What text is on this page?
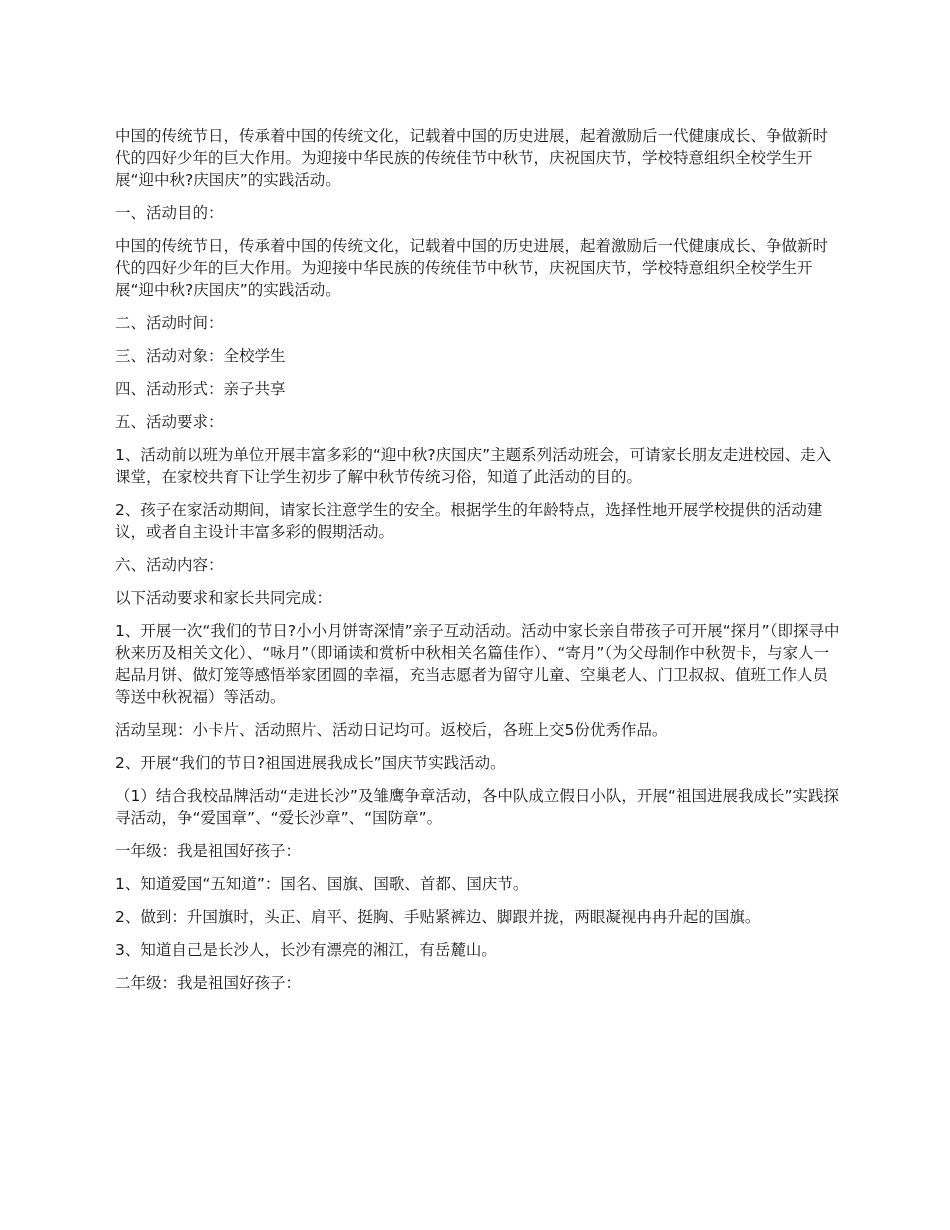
中国的传统节日，传承着中国的传统文化，记载着中国的历史进展，起着激励后一代健康成长、争做新时代的四好少年的巨大作用。为迎接中华民族的传统佳节中秋节，庆祝国庆节，学校特意组织全校学生开展“迎中秋?庆国庆”的实践活动。

一、活动目的：

中国的传统节日，传承着中国的传统文化，记载着中国的历史进展，起着激励后一代健康成长、争做新时代的四好少年的巨大作用。为迎接中华民族的传统佳节中秋节，庆祝国庆节，学校特意组织全校学生开展“迎中秋?庆国庆”的实践活动。

二、活动时间：

三、活动对象：全校学生

四、活动形式：亲子共享

五、活动要求：

1、活动前以班为单位开展丰富多彩的“迎中秋?庆国庆”主题系列活动班会，可请家长朋友走进校园、走入课堂，在家校共育下让学生初步了解中秋节传统习俗，知道了此活动的目的。

2、孩子在家活动期间，请家长注意学生的安全。根据学生的年龄特点，选择性地开展学校提供的活动建议，或者自主设计丰富多彩的假期活动。

六、活动内容：

以下活动要求和家长共同完成：

1、开展一次“我们的节日?小小月饼寄深情”亲子互动活动。活动中家长亲自带孩子可开展“探月”（即探寻中秋来历及相关文化）、“咏月”（即诵读和赏析中秋相关名篇佳作）、“寄月”（为父母制作中秋贺卡，与家人一起品月饼、做灯笼等感悟举家团圆的幸福，充当志愿者为留守儿童、空巢老人、门卫叔叔、值班工作人员等送中秋祝福）等活动。

活动呈现：小卡片、活动照片、活动日记均可。返校后，各班上交5份优秀作品。

2、开展“我们的节日?祖国进展我成长”国庆节实践活动。

（1）结合我校品牌活动“走进长沙”及雏鹰争章活动，各中队成立假日小队，开展“祖国进展我成长”实践探寻活动，争“爱国章”、“爱长沙章”、“国防章”。

一年级：我是祖国好孩子：

1、知道爱国“五知道”：国名、国旗、国歌、首都、国庆节。

2、做到：升国旗时，头正、肩平、挺胸、手贴紧裤边、脚跟并拢，两眼凝视冉冉升起的国旗。

3、知道自己是长沙人，长沙有漂亮的湘江，有岳麓山。

二年级：我是祖国好孩子：
